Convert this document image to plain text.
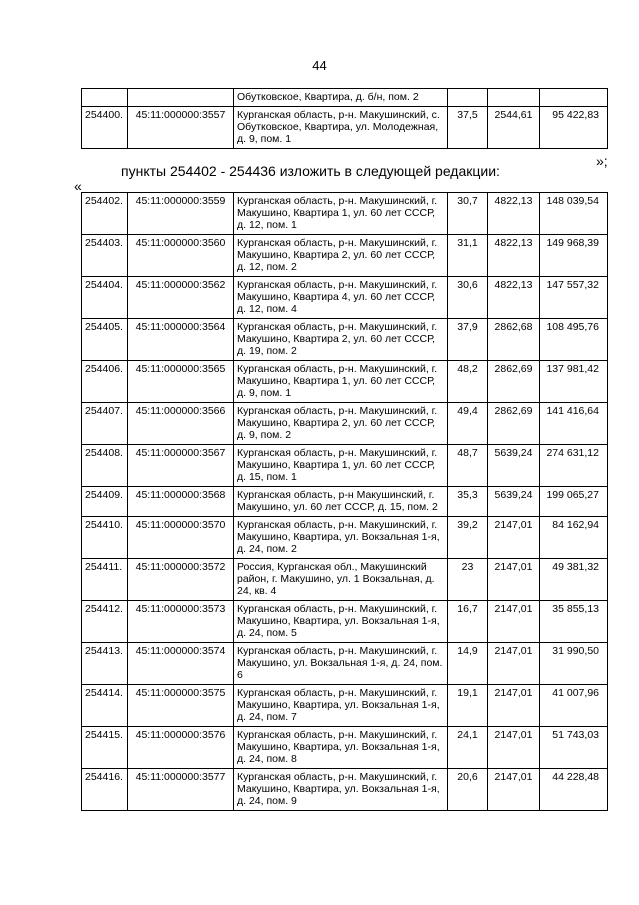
44
		Обутковское, Квартира, д. б/н, пом. 2			
254400.	45:11:000000:3557	Курганская область, р-н. Макушинский, с. Обутковское, Квартира, ул. Молодежная, д. 9, пом. 1	37,5	2544,61	95 422,83
»;
пункты 254402 - 254436 изложить в следующей редакции:
«
254402.	45:11:000000:3559	Курганская область, р-н. Макушинский, г. Макушино, Квартира 1, ул. 60 лет СССР, д. 12, пом. 1	30,7	4822,13	148 039,54
254403.	45:11:000000:3560	Курганская область, р-н. Макушинский, г. Макушино, Квартира 2, ул. 60 лет СССР, д. 12, пом. 2	31,1	4822,13	149 968,39
254404.	45:11:000000:3562	Курганская область, р-н. Макушинский, г. Макушино, Квартира 4, ул. 60 лет СССР, д. 12, пом. 4	30,6	4822,13	147 557,32
254405.	45:11:000000:3564	Курганская область, р-н. Макушинский, г. Макушино, Квартира 2, ул. 60 лет СССР, д. 19, пом. 2	37,9	2862,68	108 495,76
254406.	45:11:000000:3565	Курганская область, р-н. Макушинский, г. Макушино, Квартира 1, ул. 60 лет СССР, д. 9, пом. 1	48,2	2862,69	137 981,42
254407.	45:11:000000:3566	Курганская область, р-н. Макушинский, г. Макушино, Квартира 2, ул. 60 лет СССР, д. 9, пом. 2	49,4	2862,69	141 416,64
254408.	45:11:000000:3567	Курганская область, р-н. Макушинский, г. Макушино, Квартира 1, ул. 60 лет СССР, д. 15, пом. 1	48,7	5639,24	274 631,12
254409.	45:11:000000:3568	Курганская область, р-н Макушинский, г. Макушино, ул. 60 лет СССР, д. 15, пом. 2	35,3	5639,24	199 065,27
254410.	45:11:000000:3570	Курганская область, р-н. Макушинский, г. Макушино, Квартира, ул. Вокзальная 1-я, д. 24, пом. 2	39,2	2147,01	84 162,94
254411.	45:11:000000:3572	Россия, Курганская обл., Макушинский район, г. Макушино, ул. 1 Вокзальная, д. 24, кв. 4	23	2147,01	49 381,32
254412.	45:11:000000:3573	Курганская область, р-н. Макушинский, г. Макушино, Квартира, ул. Вокзальная 1-я, д. 24, пом. 5	16,7	2147,01	35 855,13
254413.	45:11:000000:3574	Курганская область, р-н. Макушинский, г. Макушино, ул. Вокзальная 1-я, д. 24, пом. 6	14,9	2147,01	31 990,50
254414.	45:11:000000:3575	Курганская область, р-н. Макушинский, г. Макушино, Квартира, ул. Вокзальная 1-я, д. 24, пом. 7	19,1	2147,01	41 007,96
254415.	45:11:000000:3576	Курганская область, р-н. Макушинский, г. Макушино, Квартира, ул. Вокзальная 1-я, д. 24, пом. 8	24,1	2147,01	51 743,03
254416.	45:11:000000:3577	Курганская область, р-н. Макушинский, г. Макушино, Квартира, ул. Вокзальная 1-я, д. 24, пом. 9	20,6	2147,01	44 228,48
